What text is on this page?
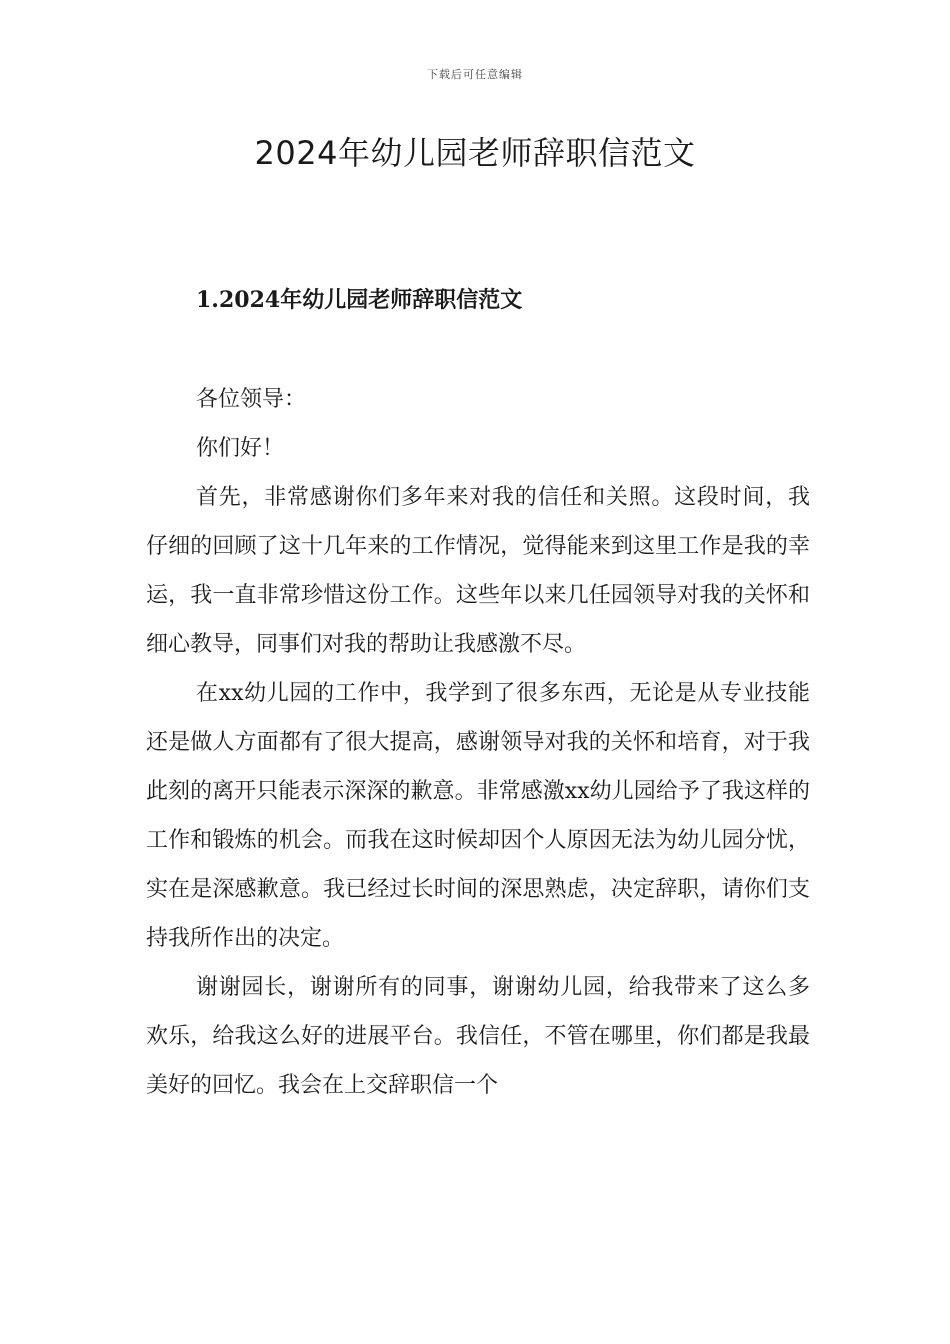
下载后可任意编辑
2024年幼儿园老师辞职信范文
1.2024年幼儿园老师辞职信范文

各位领导：

你们好！

首先，非常感谢你们多年来对我的信任和关照。这段时间，我仔细的回顾了这十几年来的工作情况，觉得能来到这里工作是我的幸运，我一直非常珍惜这份工作。这些年以来几任园领导对我的关怀和细心教导，同事们对我的帮助让我感激不尽。

在xx幼儿园的工作中，我学到了很多东西，无论是从专业技能还是做人方面都有了很大提高，感谢领导对我的关怀和培育，对于我此刻的离开只能表示深深的歉意。非常感激xx幼儿园给予了我这样的工作和锻炼的机会。而我在这时候却因个人原因无法为幼儿园分忧，实在是深感歉意。我已经过长时间的深思熟虑，决定辞职，请你们支持我所作出的决定。

谢谢园长，谢谢所有的同事，谢谢幼儿园，给我带来了这么多欢乐，给我这么好的进展平台。我信任，不管在哪里，你们都是我最美好的回忆。我会在上交辞职信一个
